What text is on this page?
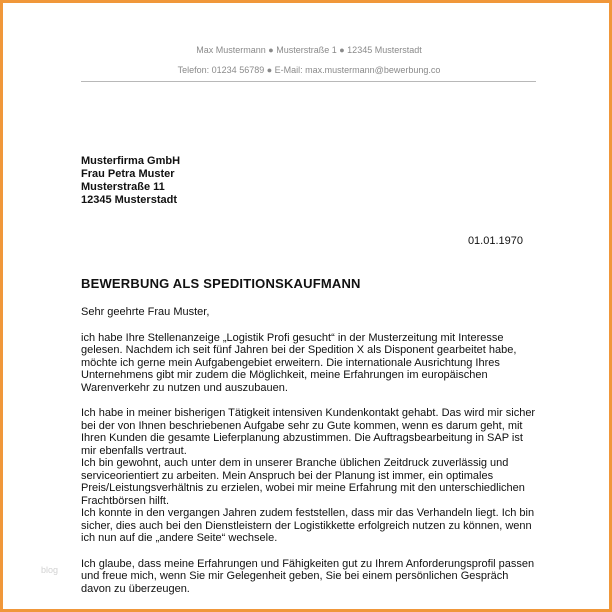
Max Mustermann ● Musterstraße 1 ● 12345 Musterstadt
Telefon: 01234 56789 ● E-Mail: max.mustermann@bewerbung.co
Musterfirma GmbH
Frau Petra Muster
Musterstraße 11
12345 Musterstadt
01.01.1970
BEWERBUNG ALS SPEDITIONSKAUFMANN

Sehr geehrte Frau Muster,

ich habe Ihre Stellenanzeige „Logistik Profi gesucht“ in der Musterzeitung mit Interesse gelesen. Nachdem ich seit fünf Jahren bei der Spedition X als Disponent gearbeitet habe, möchte ich gerne mein Aufgabengebiet erweitern. Die internationale Ausrichtung Ihres Unternehmens gibt mir zudem die Möglichkeit, meine Erfahrungen im europäischen Warenverkehr zu nutzen und auszubauen.

Ich habe in meiner bisherigen Tätigkeit intensiven Kundenkontakt gehabt. Das wird mir sicher bei der von Ihnen beschriebenen Aufgabe sehr zu Gute kommen, wenn es darum geht, mit Ihren Kunden die gesamte Lieferplanung abzustimmen. Die Auftragsbearbeitung in SAP ist mir ebenfalls vertraut.

Ich bin gewohnt, auch unter dem in unserer Branche üblichen Zeitdruck zuverlässig und serviceorientiert zu arbeiten. Mein Anspruch bei der Planung ist immer, ein optimales Preis/Leistungsverhältnis zu erzielen, wobei mir meine Erfahrung mit den unterschiedlichen Frachtbörsen hilft.

Ich konnte in den vergangen Jahren zudem feststellen, dass mir das Verhandeln liegt. Ich bin sicher, dies auch bei den Dienstleistern der Logistikkette erfolgreich nutzen zu können, wenn ich nun auf die „andere Seite“ wechsele.

Ich glaube, dass meine Erfahrungen und Fähigkeiten gut zu Ihrem Anforderungsprofil passen und freue mich, wenn Sie mir Gelegenheit geben, Sie bei einem persönlichen Gespräch davon zu überzeugen.

blog
